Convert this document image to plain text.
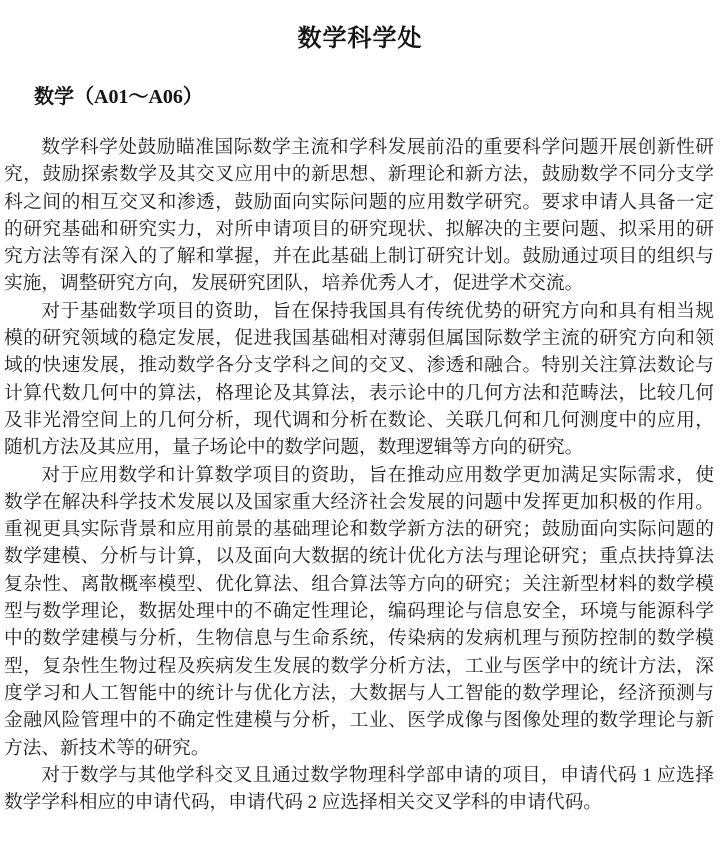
数学科学处
数学（A01～A06）

数学科学处鼓励瞄准国际数学主流和学科发展前沿的重要科学问题开展创新性研究，鼓励探索数学及其交叉应用中的新思想、新理论和新方法，鼓励数学不同分支学科之间的相互交叉和渗透，鼓励面向实际问题的应用数学研究。要求申请人具备一定的研究基础和研究实力，对所申请项目的研究现状、拟解决的主要问题、拟采用的研究方法等有深入的了解和掌握，并在此基础上制订研究计划。鼓励通过项目的组织与实施，调整研究方向，发展研究团队，培养优秀人才，促进学术交流。

对于基础数学项目的资助，旨在保持我国具有传统优势的研究方向和具有相当规模的研究领域的稳定发展，促进我国基础相对薄弱但属国际数学主流的研究方向和领域的快速发展，推动数学各分支学科之间的交叉、渗透和融合。特别关注算法数论与计算代数几何中的算法，格理论及其算法，表示论中的几何方法和范畴法，比较几何及非光滑空间上的几何分析，现代调和分析在数论、关联几何和几何测度中的应用，随机方法及其应用，量子场论中的数学问题，数理逻辑等方向的研究。

对于应用数学和计算数学项目的资助，旨在推动应用数学更加满足实际需求，使数学在解决科学技术发展以及国家重大经济社会发展的问题中发挥更加积极的作用。重视更具实际背景和应用前景的基础理论和数学新方法的研究；鼓励面向实际问题的数学建模、分析与计算，以及面向大数据的统计优化方法与理论研究；重点扶持算法复杂性、离散概率模型、优化算法、组合算法等方向的研究；关注新型材料的数学模型与数学理论，数据处理中的不确定性理论，编码理论与信息安全，环境与能源科学中的数学建模与分析，生物信息与生命系统，传染病的发病机理与预防控制的数学模型，复杂性生物过程及疾病发生发展的数学分析方法，工业与医学中的统计方法，深度学习和人工智能中的统计与优化方法，大数据与人工智能的数学理论，经济预测与金融风险管理中的不确定性建模与分析，工业、医学成像与图像处理的数学理论与新方法、新技术等的研究。

对于数学与其他学科交叉且通过数学物理科学部申请的项目，申请代码 1 应选择数学学科相应的申请代码，申请代码 2 应选择相关交叉学科的申请代码。
